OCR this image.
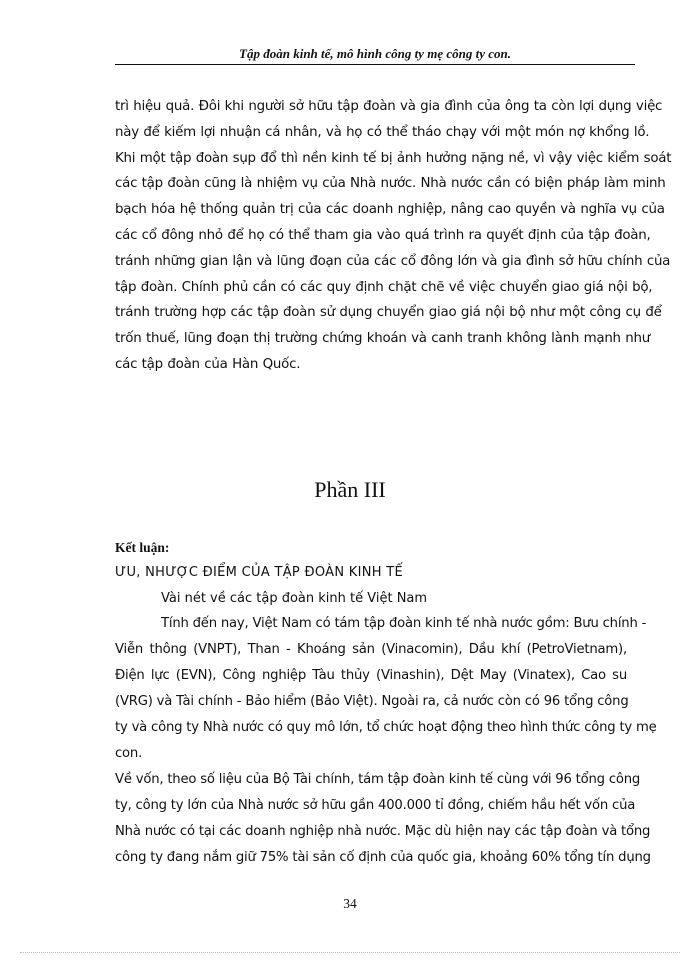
Tập đoàn kinh tế, mô hình công ty mẹ công ty con.
trì hiệu quả. Đôi khi người sở hữu tập đoàn và gia đình của ông ta còn lợi dụng việc
này để kiếm lợi nhuận cá nhân, và họ có thể tháo chạy với một món nợ khổng lồ.
Khi một tập đoàn sụp đổ thì nền kinh tế bị ảnh hưởng nặng nề, vì vậy việc kiểm soát
các tập đoàn cũng là nhiệm vụ của Nhà nước. Nhà nước cần có biện pháp làm minh
bạch hóa hệ thống quản trị của các doanh nghiệp, nâng cao quyền và nghĩa vụ của
các cổ đông nhỏ để họ có thể tham gia vào quá trình ra quyết định của tập đoàn,
tránh những gian lận và lũng đoạn của các cổ đông lớn và gia đình sở hữu chính của
tập đoàn. Chính phủ cần có các quy định chặt chẽ về việc chuyển giao giá nội bộ,
tránh trường hợp các tập đoàn sử dụng chuyển giao giá nội bộ như một công cụ để
trốn thuế, lũng đoạn thị trường chứng khoán và canh tranh không lành mạnh như
các tập đoàn của Hàn Quốc.
Phần III
Kết luận:
ƯU, NHƯỢC ĐIỂM CỦA TẬP ĐOÀN KINH TẾ
Vài nét về các tập đoàn kinh tế Việt Nam
Tính đến nay, Việt Nam có tám tập đoàn kinh tế nhà nước gồm: Bưu chính -
Viễn thông (VNPT), Than - Khoáng sản (Vinacomin), Dầu khí (PetroVietnam),
Điện lực (EVN), Công nghiệp Tàu thủy (Vinashin), Dệt May (Vinatex), Cao su
(VRG) và Tài chính - Bảo hiểm (Bảo Việt). Ngoài ra, cả nước còn có 96 tổng công
ty và công ty Nhà nước có quy mô lớn, tổ chức hoạt động theo hình thức công ty mẹ
con.
Về vốn, theo số liệu của Bộ Tài chính, tám tập đoàn kinh tế cùng với 96 tổng công
ty, công ty lớn của Nhà nước sở hữu gần 400.000 tỉ đồng, chiếm hầu hết vốn của
Nhà nước có tại các doanh nghiệp nhà nước. Mặc dù hiện nay các tập đoàn và tổng
công ty đang nắm giữ 75% tài sản cố định của quốc gia, khoảng 60% tổng tín dụng
34
